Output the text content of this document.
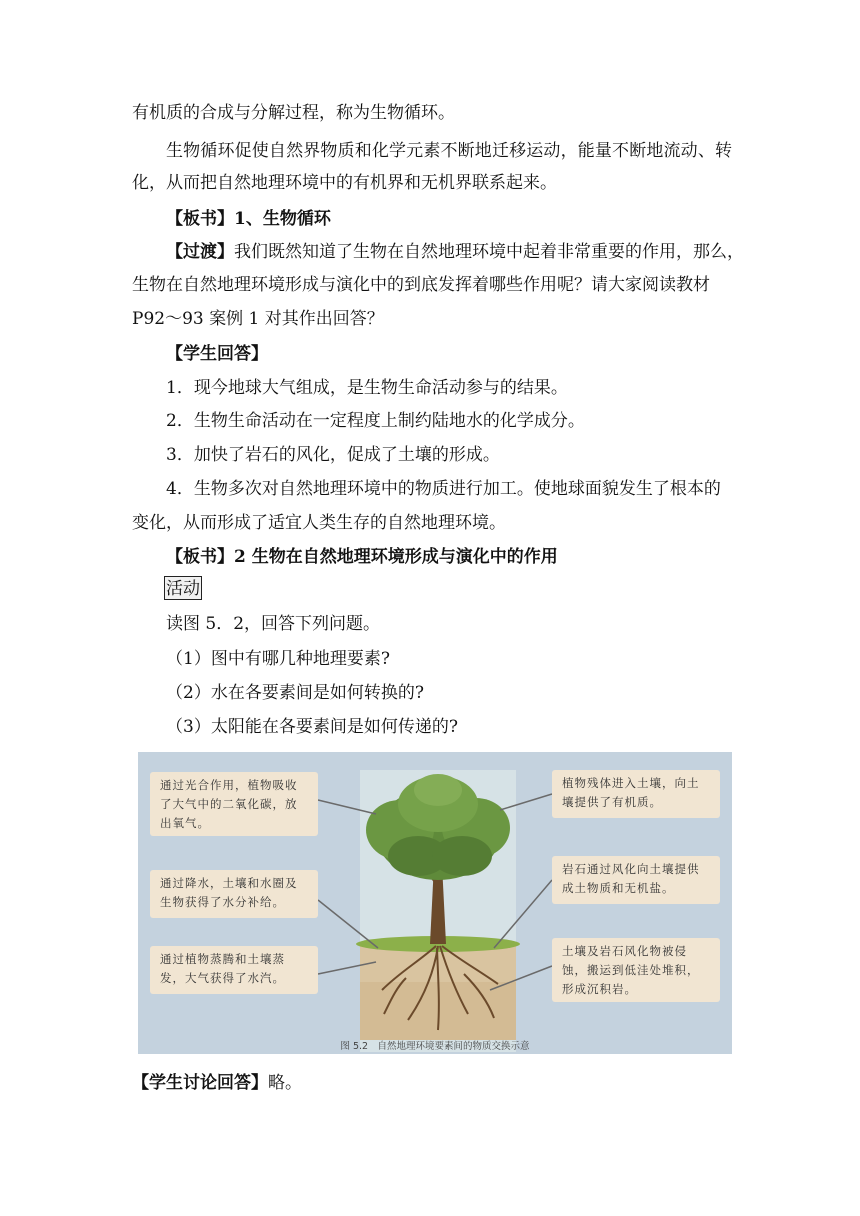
有机质的合成与分解过程，称为生物循环。
生物循环促使自然界物质和化学元素不断地迁移运动，能量不断地流动、转
化，从而把自然地理环境中的有机界和无机界联系起来。
【板书】1、生物循环
【过渡】我们既然知道了生物在自然地理环境中起着非常重要的作用，那么，
生物在自然地理环境形成与演化中的到底发挥着哪些作用呢？请大家阅读教材
P92～93 案例 1 对其作出回答？
【学生回答】
1．现今地球大气组成，是生物生命活动参与的结果。
2．生物生命活动在一定程度上制约陆地水的化学成分。
3．加快了岩石的风化，促成了土壤的形成。
4．生物多次对自然地理环境中的物质进行加工。使地球面貌发生了根本的
变化，从而形成了适宜人类生存的自然地理环境。
【板书】2 生物在自然地理环境形成与演化中的作用
活动
读图 5．2，回答下列问题。
（1）图中有哪几种地理要素?
（2）水在各要素间是如何转换的?
（3）太阳能在各要素间是如何传递的?
通过光合作用，植物吸收了大气中的二氧化碳，放出氧气。
通过降水，土壤和水圈及生物获得了水分补给。
通过植物蒸腾和土壤蒸发，大气获得了水汽。
植物残体进入土壤，向土壤提供了有机质。
岩石通过风化向土壤提供成土物质和无机盐。
土壤及岩石风化物被侵蚀，搬运到低洼处堆积，形成沉积岩。
图 5.2　自然地理环境要素间的物质交换示意
【学生讨论回答】略。
